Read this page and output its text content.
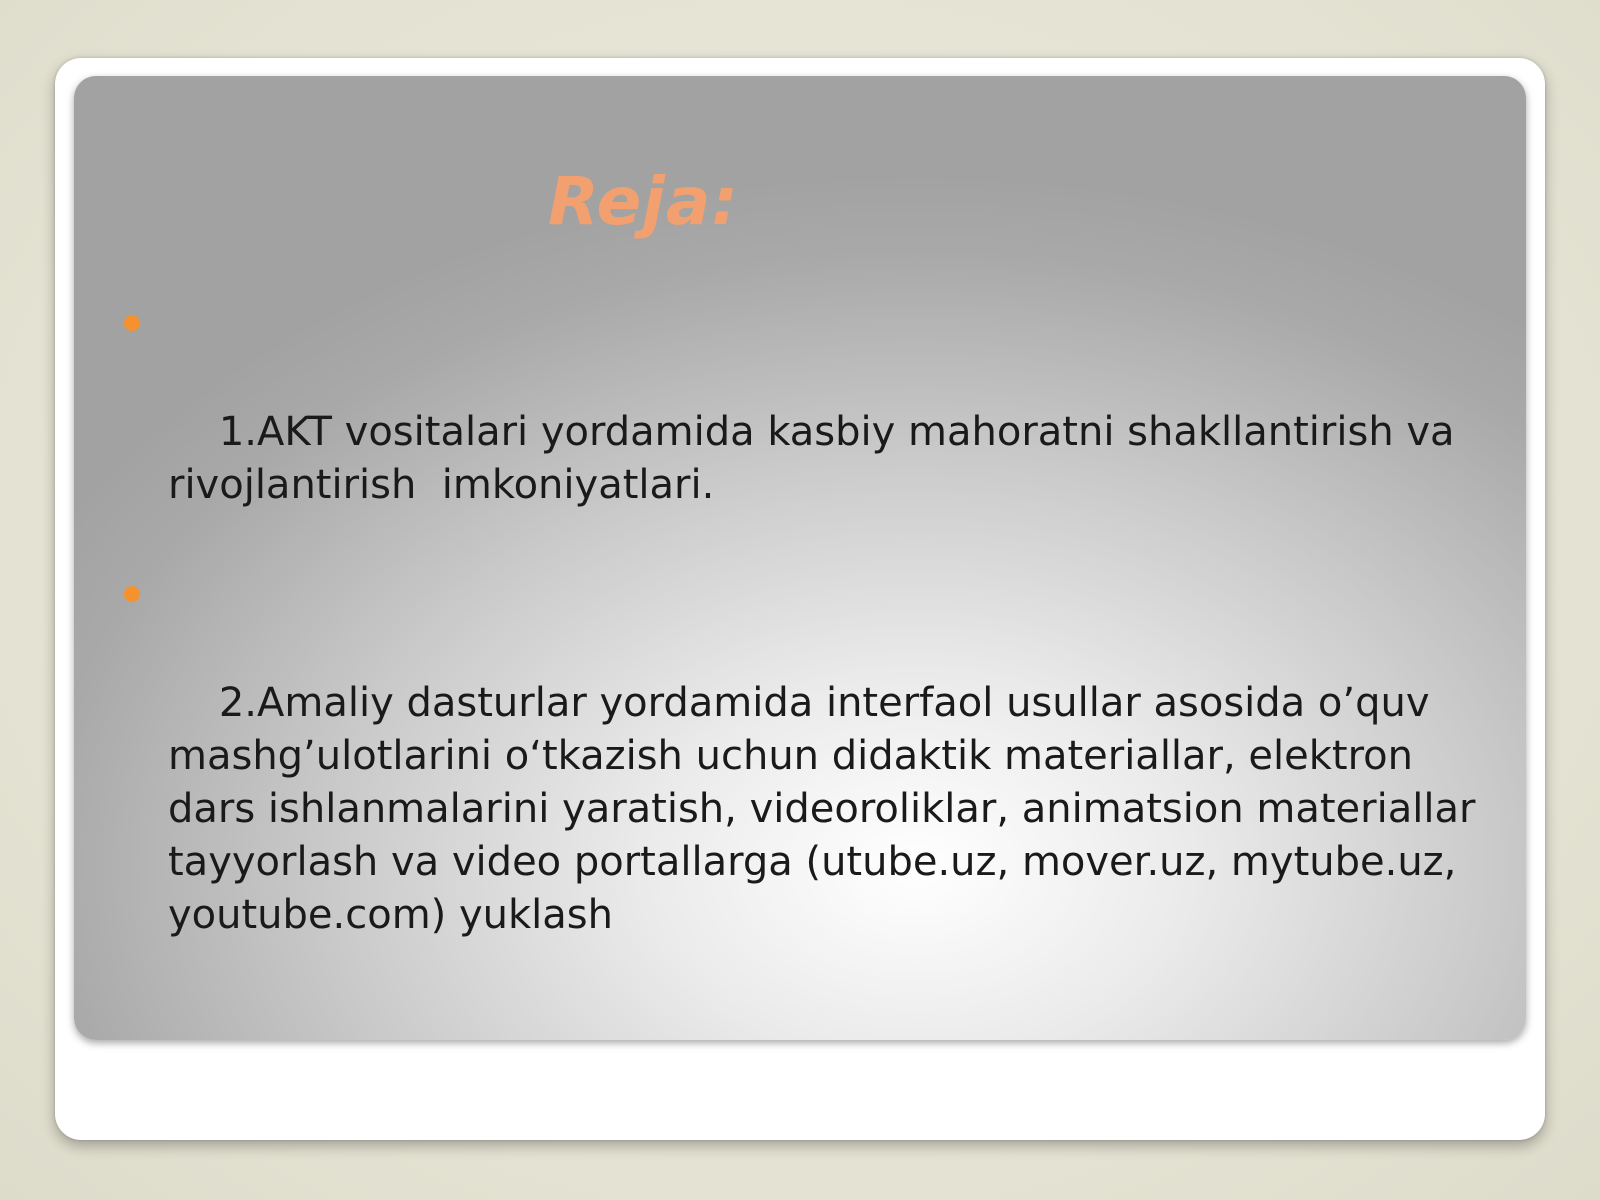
Reja:

1.AKT vositalari yordamida kasbiy mahoratni shakllantirish va rivojlantirish  imkoniyatlari.

2.Amaliy dasturlar yordamida interfaol usullar asosida o’quv mashg’ulotlarini o‘tkazish uchun didaktik materiallar, elektron dars ishlanmalarini yaratish, videoroliklar, animatsion materiallar tayyorlash va video portallarga (utube.uz, mover.uz, mytube.uz, youtube.com) yuklash
